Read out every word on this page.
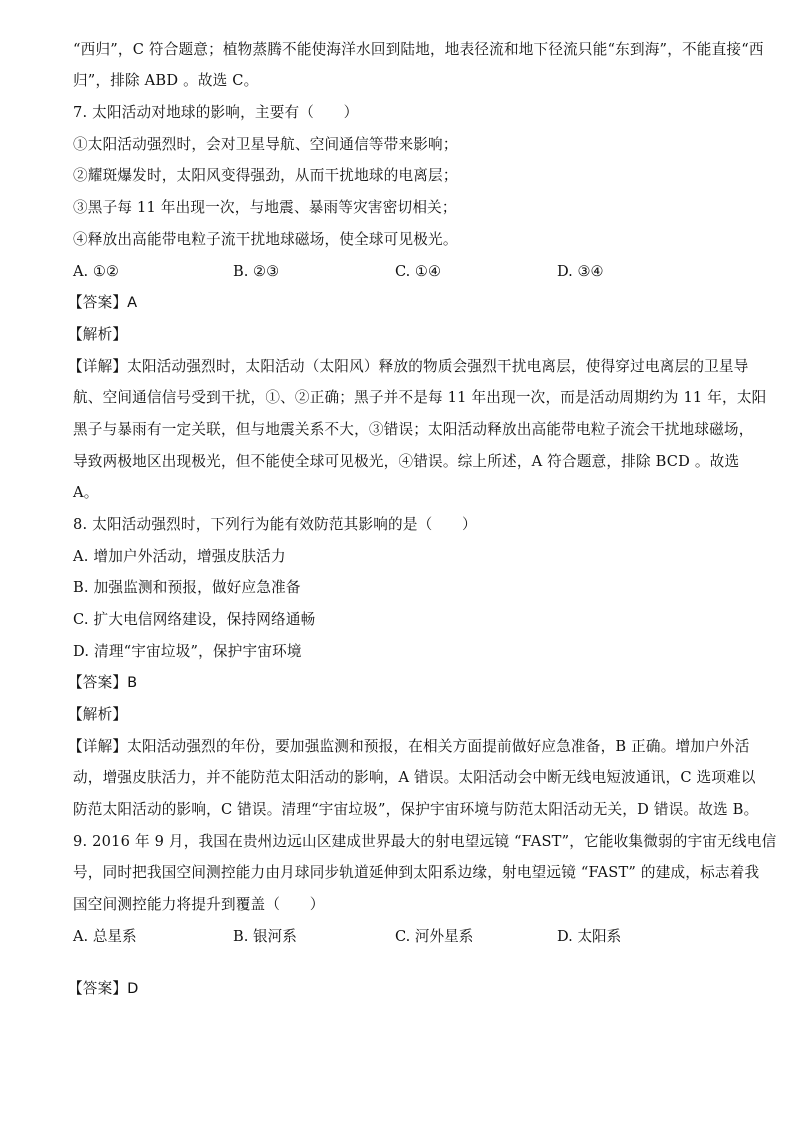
“西归”，C 符合题意；植物蒸腾不能使海洋水回到陆地，地表径流和地下径流只能“东到海”，不能直接“西
归”，排除 ABD 。故选 C。
7. 太阳活动对地球的影响，主要有（　　）
①太阳活动强烈时，会对卫星导航、空间通信等带来影响；
②耀斑爆发时，太阳风变得强劲，从而干扰地球的电离层；
③黑子每 11 年出现一次，与地震、暴雨等灾害密切相关；
④释放出高能带电粒子流干扰地球磁场，使全球可见极光。
A. ①②	B. ②③	C. ①④	D. ③④
【答案】A
【解析】
【详解】太阳活动强烈时，太阳活动（太阳风）释放的物质会强烈干扰电离层，使得穿过电离层的卫星导
航、空间通信信号受到干扰，①、②正确；黑子并不是每 11 年出现一次，而是活动周期约为 11 年，太阳
黑子与暴雨有一定关联，但与地震关系不大，③错误；太阳活动释放出高能带电粒子流会干扰地球磁场，
导致两极地区出现极光，但不能使全球可见极光，④错误。综上所述，A 符合题意，排除 BCD 。故选
A。
8. 太阳活动强烈时，下列行为能有效防范其影响的是（　　）
A. 增加户外活动，增强皮肤活力
B. 加强监测和预报，做好应急准备
C. 扩大电信网络建设，保持网络通畅
D. 清理“宇宙垃圾”，保护宇宙环境
【答案】B
【解析】
【详解】太阳活动强烈的年份，要加强监测和预报，在相关方面提前做好应急准备，B 正确。增加户外活
动，增强皮肤活力，并不能防范太阳活动的影响，A 错误。太阳活动会中断无线电短波通讯，C 选项难以
防范太阳活动的影响，C 错误。清理“宇宙垃圾”，保护宇宙环境与防范太阳活动无关，D 错误。故选 B。
9. 2016 年 9 月，我国在贵州边远山区建成世界最大的射电望远镜 “FAST”，它能收集微弱的宇宙无线电信
号，同时把我国空间测控能力由月球同步轨道延伸到太阳系边缘，射电望远镜 “FAST” 的建成，标志着我
国空间测控能力将提升到覆盖（　　）
A. 总星系	B. 银河系	C. 河外星系	D. 太阳系
【答案】D
